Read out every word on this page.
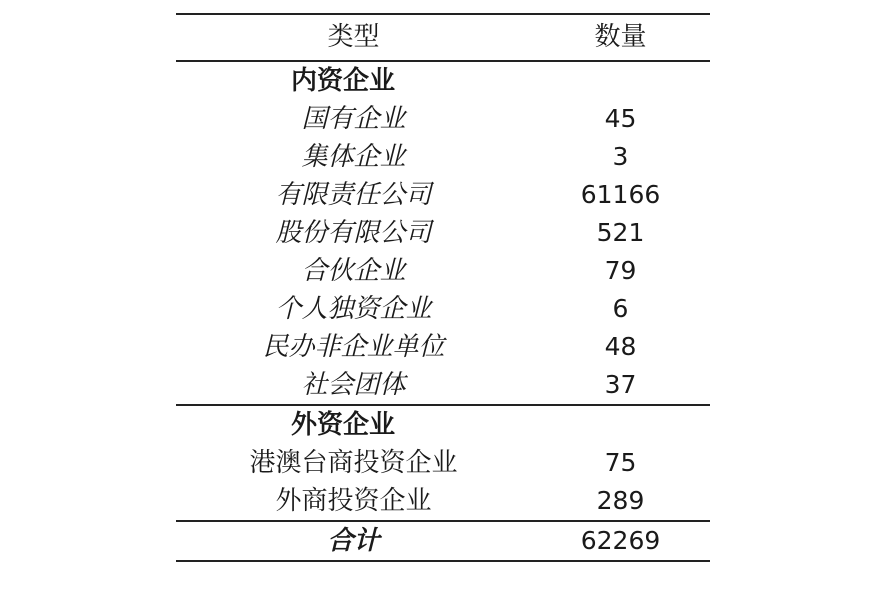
类型	数量
内资企业	
国有企业	45
集体企业	3
有限责任公司	61166
股份有限公司	521
合伙企业	79
个人独资企业	6
民办非企业单位	48
社会团体	37
外资企业	
港澳台商投资企业	75
外商投资企业	289
合计	62269
